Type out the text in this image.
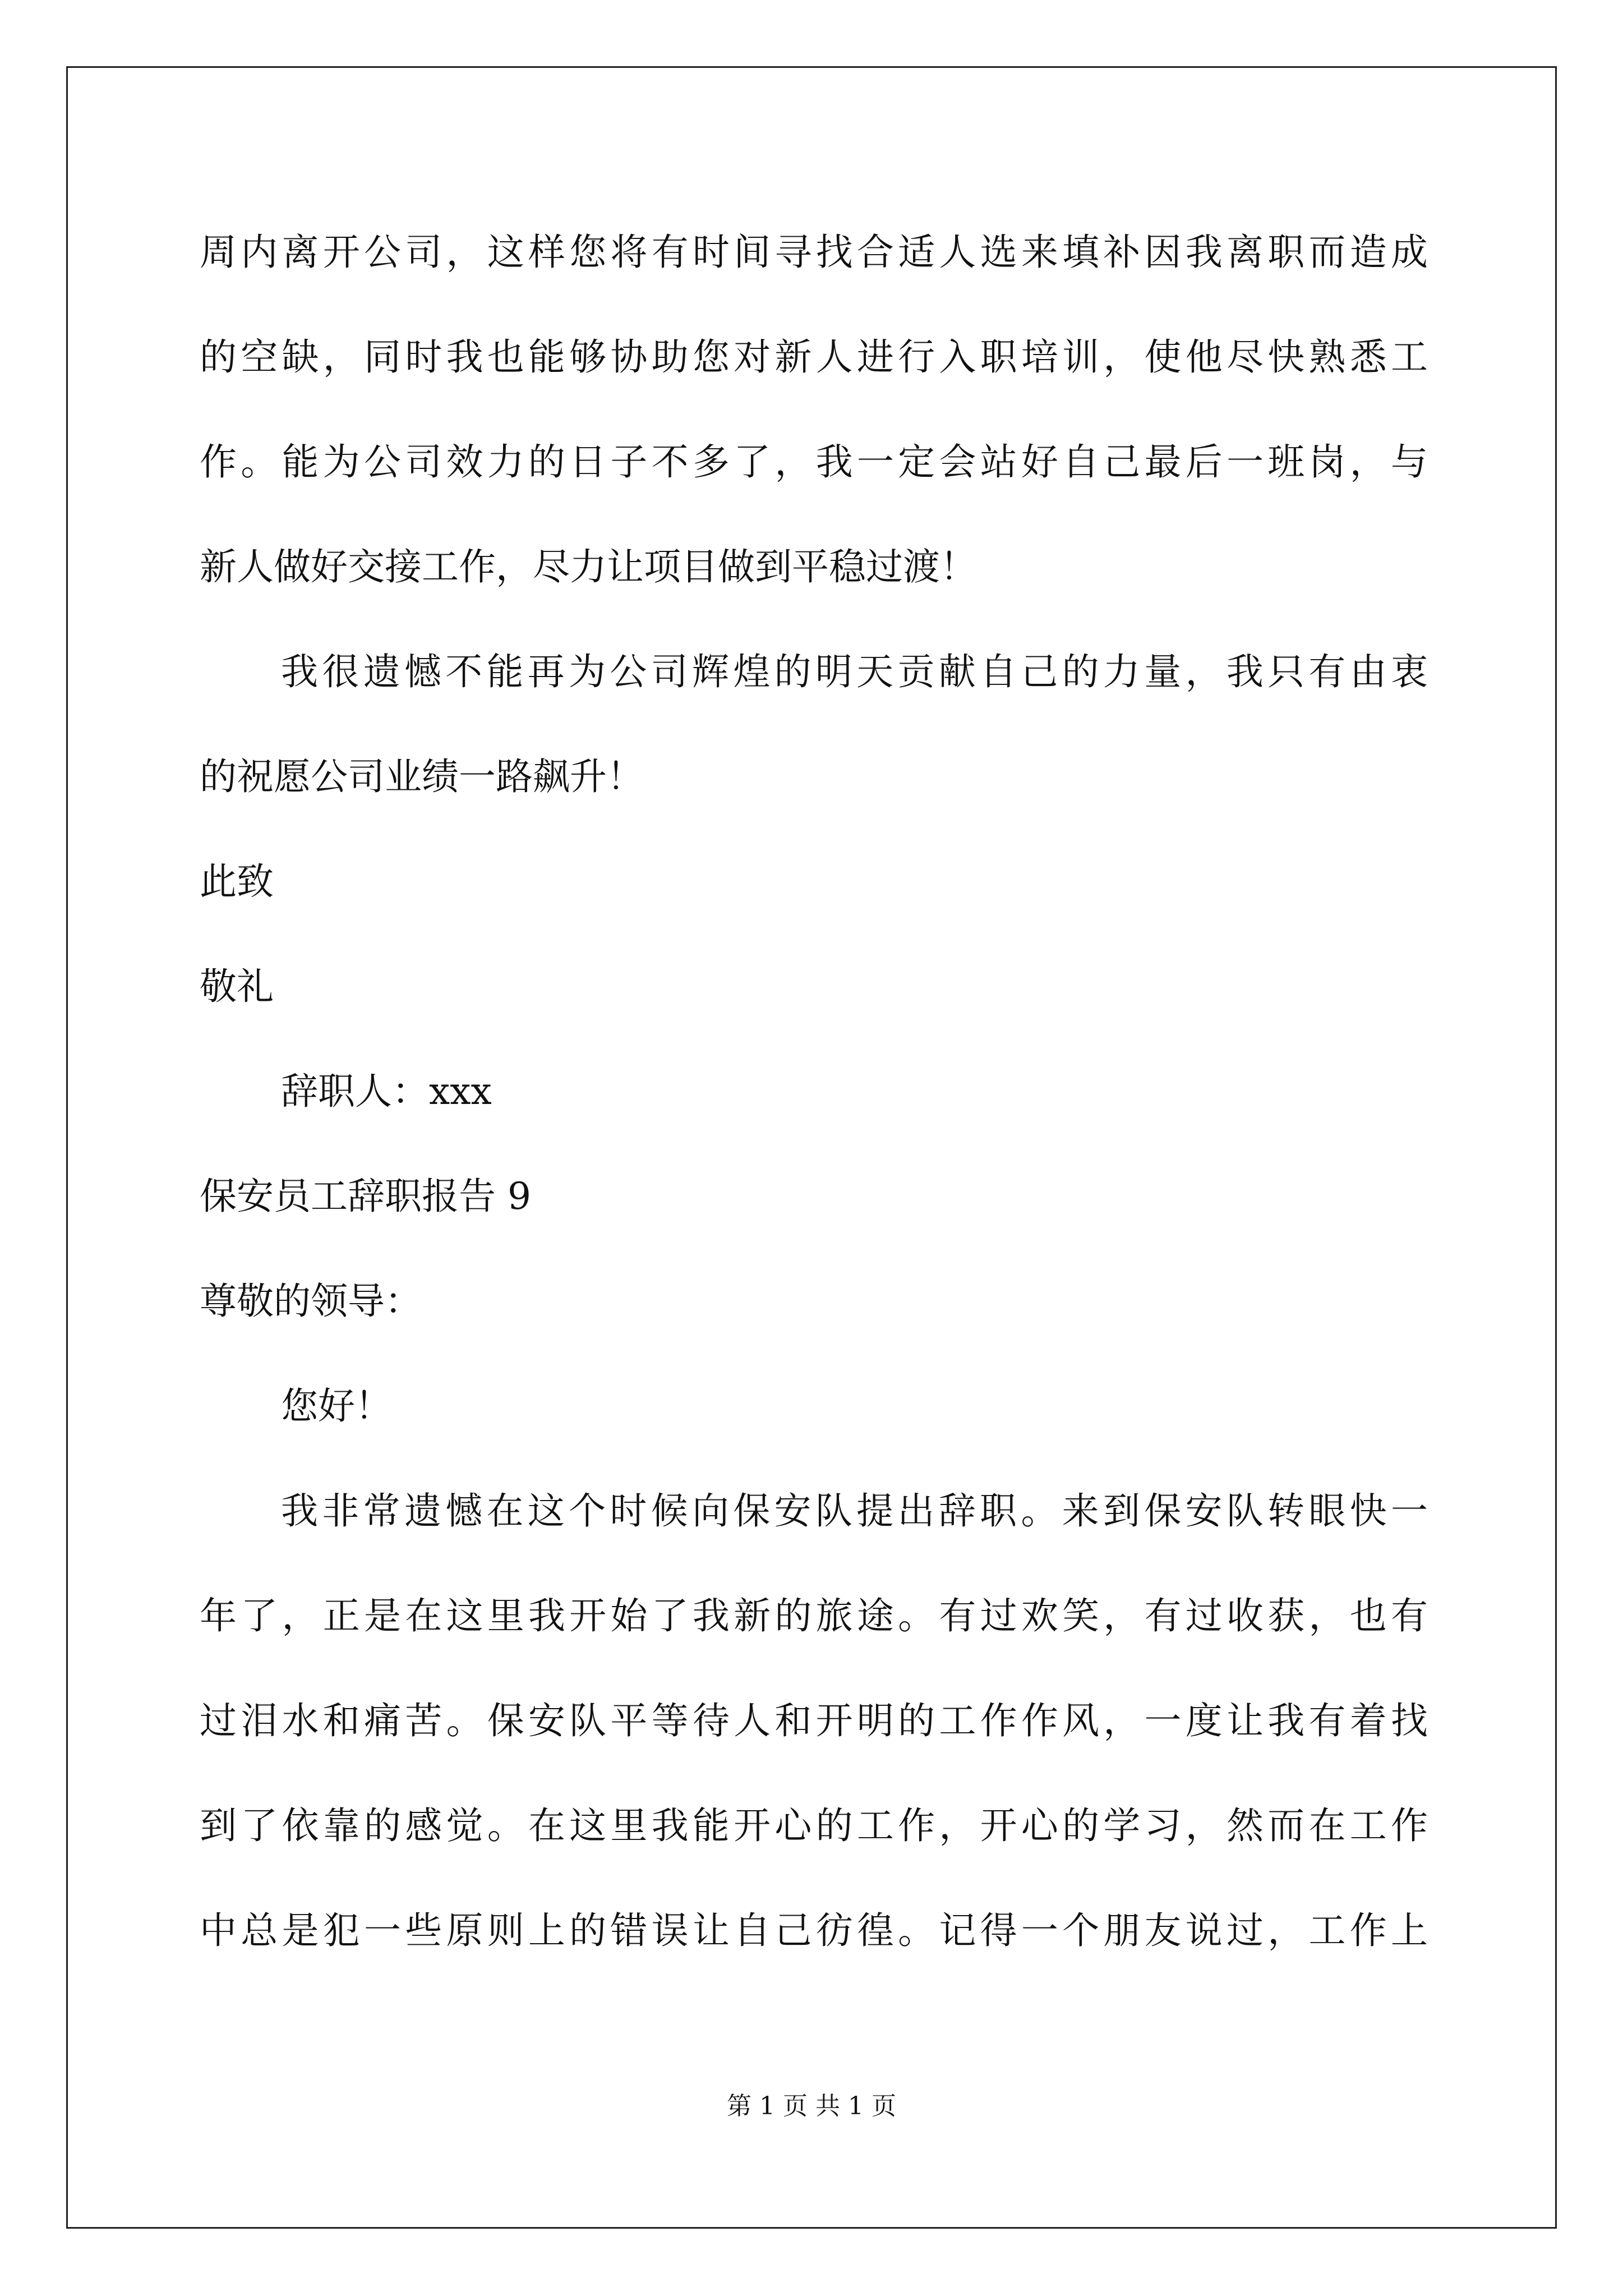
周内离开公司，这样您将有时间寻找合适人选来填补因我离职而造成
的空缺，同时我也能够协助您对新人进行入职培训，使他尽快熟悉工
作。能为公司效力的日子不多了，我一定会站好自己最后一班岗，与
新人做好交接工作，尽力让项目做到平稳过渡！
我很遗憾不能再为公司辉煌的明天贡献自己的力量，我只有由衷
的祝愿公司业绩一路飙升！
此致
敬礼
辞职人：xxx
保安员工辞职报告 9
尊敬的领导：
您好！
我非常遗憾在这个时候向保安队提出辞职。来到保安队转眼快一
年了，正是在这里我开始了我新的旅途。有过欢笑，有过收获，也有
过泪水和痛苦。保安队平等待人和开明的工作作风，一度让我有着找
到了依靠的感觉。在这里我能开心的工作，开心的学习，然而在工作
中总是犯一些原则上的错误让自己彷徨。记得一个朋友说过，工作上
第 1 页 共 1 页
